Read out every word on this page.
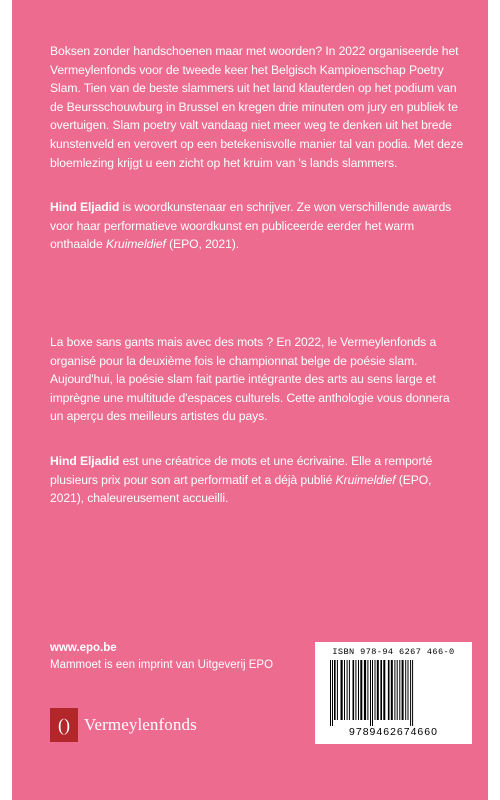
Boksen zonder handschoenen maar met woorden? In 2022 organiseerde het Vermeylenfonds voor de tweede keer het Belgisch Kampioenschap Poetry Slam. Tien van de beste slammers uit het land klauterden op het podium van de Beursschouwburg in Brussel en kregen drie minuten om jury en publiek te overtuigen. Slam poetry valt vandaag niet meer weg te denken uit het brede kunstenveld en verovert op een betekenisvolle manier tal van podia. Met deze bloemlezing krijgt u een zicht op het kruim van 's lands slammers.

Hind Eljadid is woordkunstenaar en schrijver. Ze won verschillende awards voor haar performatieve woordkunst en publiceerde eerder het warm onthaalde Kruimeldief (EPO, 2021).

La boxe sans gants mais avec des mots ? En 2022, le Vermeylenfonds a organisé pour la deuxième fois le championnat belge de poésie slam. Aujourd'hui, la poésie slam fait partie intégrante des arts au sens large et imprègne une multitude d'espaces culturels. Cette anthologie vous donnera un aperçu des meilleurs artistes du pays.

Hind Eljadid est une créatrice de mots et une écrivaine. Elle a remporté plusieurs prix pour son art performatif et a déjà publié Kruimeldief (EPO, 2021), chaleureusement accueilli.

www.epo.be
Mammoet is een imprint van Uitgeverij EPO
() Vermeylenfonds
ISBN 978-94 6267 466-0
9789462674660
